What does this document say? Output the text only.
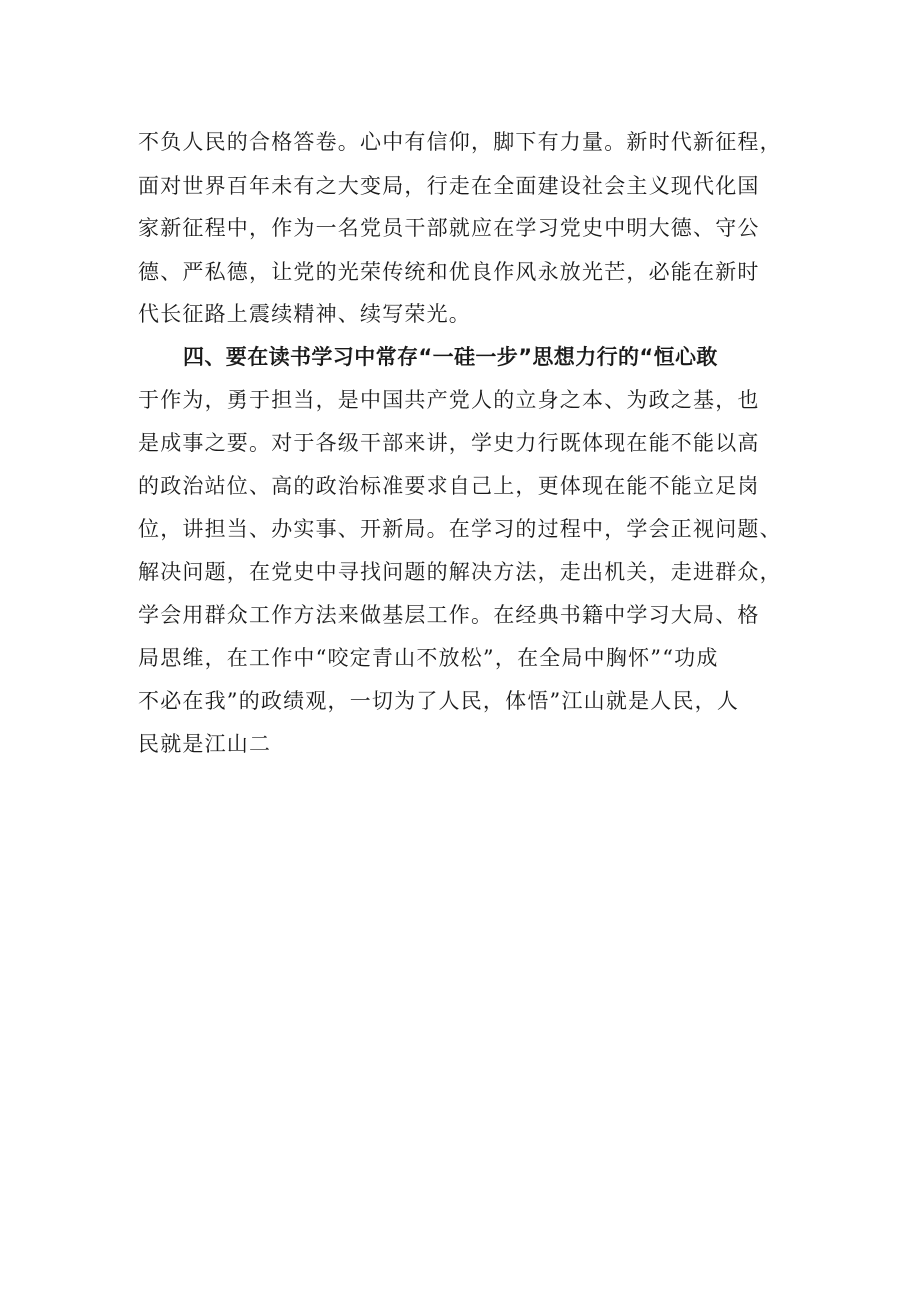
不负人民的合格答卷。心中有信仰，脚下有力量。新时代新征程，
面对世界百年未有之大变局，行走在全面建设社会主义现代化国
家新征程中，作为一名党员干部就应在学习党史中明大德、守公
德、严私德，让党的光荣传统和优良作风永放光芒，必能在新时
代长征路上震续精神、续写荣光。
四、要在读书学习中常存“一硅一步”思想力行的“恒心敢
于作为，勇于担当，是中国共产党人的立身之本、为政之基，也
是成事之要。对于各级干部来讲，学史力行既体现在能不能以高
的政治站位、高的政治标准要求自己上，更体现在能不能立足岗
位，讲担当、办实事、开新局。在学习的过程中，学会正视问题、
解决问题，在党史中寻找问题的解决方法，走出机关，走进群众，
学会用群众工作方法来做基层工作。在经典书籍中学习大局、格
局思维，在工作中“咬定青山不放松”，在全局中胸怀”“功成
不必在我”的政绩观，一切为了人民，体悟”江山就是人民，人
民就是江山二
